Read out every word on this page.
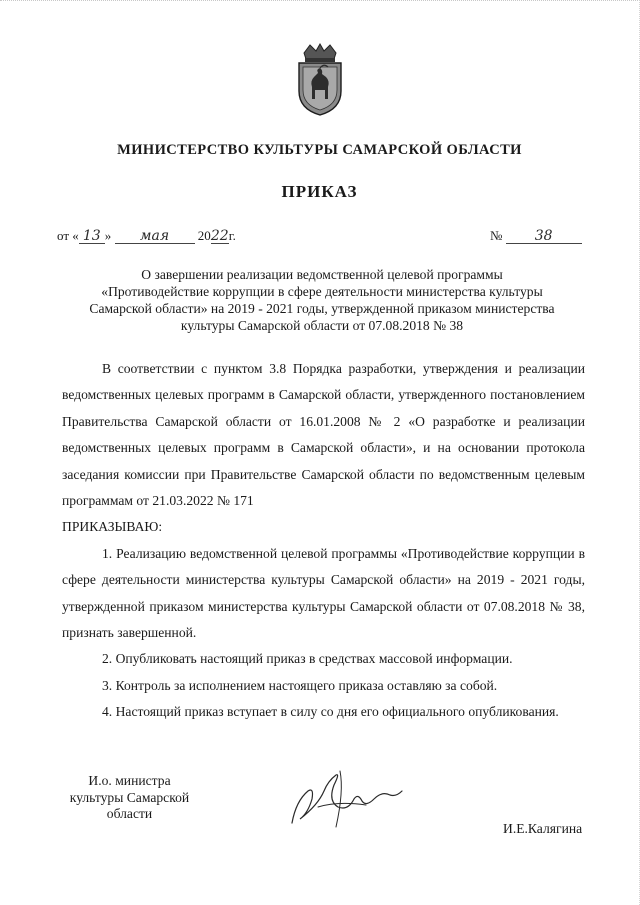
МИНИСТЕРСТВО КУЛЬТУРЫ САМАРСКОЙ ОБЛАСТИ
ПРИКАЗ
от « 13 » мая 2022г.	№ 38
О завершении реализации ведомственной целевой программы
«Противодействие коррупции в сфере деятельности министерства культуры
Самарской области» на 2019 - 2021 годы, утвержденной приказом министерства
культуры Самарской области от 07.08.2018 № 38

В соответствии с пунктом 3.8 Порядка разработки, утверждения и реализации ведомственных целевых программ в Самарской области, утвержденного постановлением Правительства Самарской области от 16.01.2008 № 2 «О разработке и реализации ведомственных целевых программ в Самарской области», и на основании протокола заседания комиссии при Правительстве Самарской области по ведомственным целевым программам от 21.03.2022 № 171

ПРИКАЗЫВАЮ:

1. Реализацию ведомственной целевой программы «Противодействие коррупции в сфере деятельности министерства культуры Самарской области» на 2019 - 2021 годы, утвержденной приказом министерства культуры Самарской области от 07.08.2018 № 38, признать завершенной.

2. Опубликовать настоящий приказ в средствах массовой информации.

3. Контроль за исполнением настоящего приказа оставляю за собой.

4. Настоящий приказ вступает в силу со дня его официального опубликования.

И.о. министра
культуры Самарской
области
И.Е.Калягина
